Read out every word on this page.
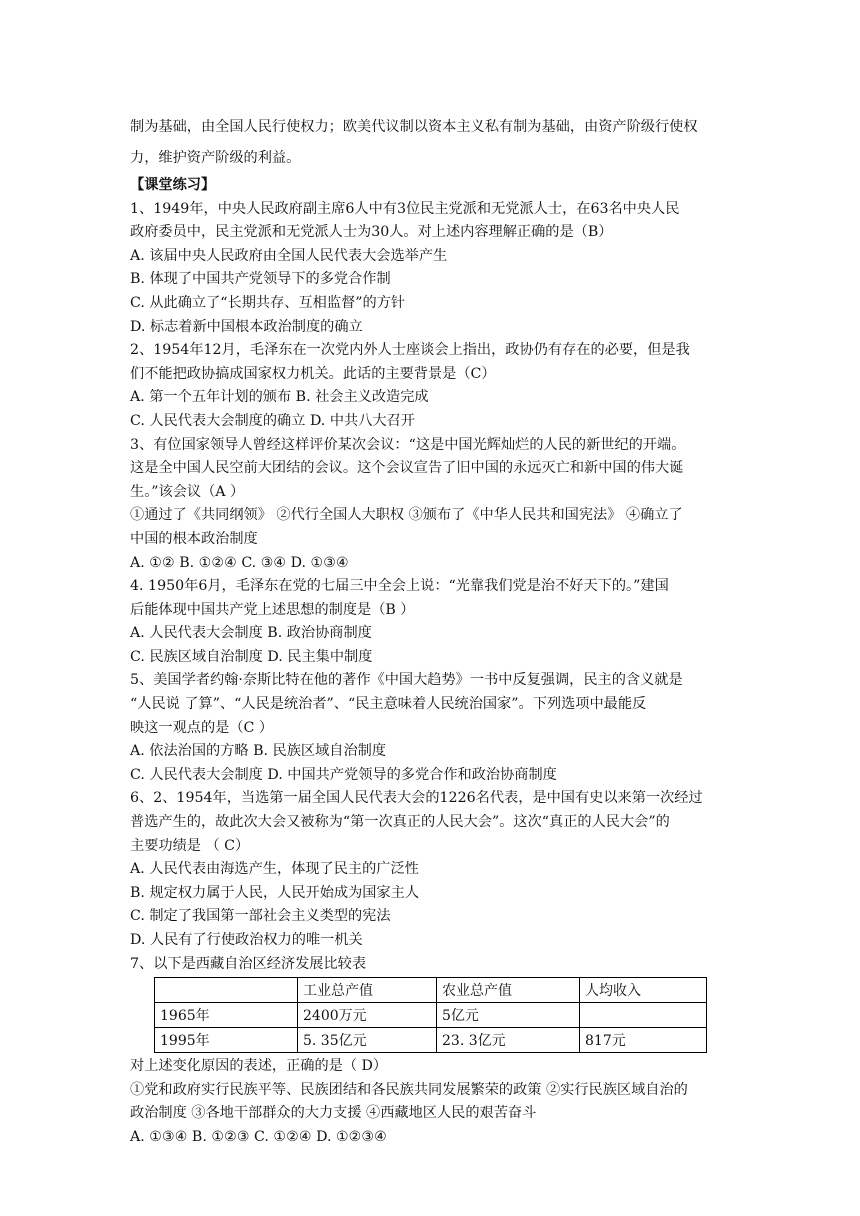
制为基础，由全国人民行使权力；欧美代议制以资本主义私有制为基础，由资产阶级行使权
力，维护资产阶级的利益。
【课堂练习】
1、1949年，中央人民政府副主席6人中有3位民主党派和无党派人士，在63名中央人民
政府委员中，民主党派和无党派人士为30人。对上述内容理解正确的是（B）
A. 该届中央人民政府由全国人民代表大会选举产生
B. 体现了中国共产党领导下的多党合作制
C. 从此确立了“长期共存、互相监督”的方针
D. 标志着新中国根本政治制度的确立
2、1954年12月，毛泽东在一次党内外人士座谈会上指出，政协仍有存在的必要，但是我
们不能把政协搞成国家权力机关。此话的主要背景是（C）
A. 第一个五年计划的颁布 B. 社会主义改造完成
C. 人民代表大会制度的确立 D. 中共八大召开
3、有位国家领导人曾经这样评价某次会议：“这是中国光辉灿烂的人民的新世纪的开端。
这是全中国人民空前大团结的会议。这个会议宣告了旧中国的永远灭亡和新中国的伟大诞
生。”该会议（A ）
①通过了《共同纲领》 ②代行全国人大职权 ③颁布了《中华人民共和国宪法》 ④确立了
中国的根本政治制度
A. ①② B. ①②④ C. ③④ D. ①③④
4. 1950年6月，毛泽东在党的七届三中全会上说：“光靠我们党是治不好天下的。”建国
后能体现中国共产党上述思想的制度是（B ）
A. 人民代表大会制度 B. 政治协商制度
C. 民族区域自治制度 D. 民主集中制度
5、美国学者约翰·奈斯比特在他的著作《中国大趋势》一书中反复强调，民主的含义就是
“人民说 了算”、“人民是统治者”、“民主意味着人民统治国家”。下列选项中最能反
映这一观点的是（C ）
A. 依法治国的方略 B. 民族区域自治制度
C. 人民代表大会制度 D. 中国共产党领导的多党合作和政治协商制度
6、2、1954年，当选第一届全国人民代表大会的1226名代表，是中国有史以来第一次经过
普选产生的，故此次大会又被称为“第一次真正的人民大会”。这次“真正的人民大会”的
主要功绩是 （ C）
A. 人民代表由海选产生，体现了民主的广泛性
B. 规定权力属于人民，人民开始成为国家主人
C. 制定了我国第一部社会主义类型的宪法
D. 人民有了行使政治权力的唯一机关
7、以下是西藏自治区经济发展比较表
	工业总产值	农业总产值	人均收入
1965年	2400万元	5亿元	
1995年	5. 35亿元	23. 3亿元	817元
对上述变化原因的表述，正确的是（ D）
①党和政府实行民族平等、民族团结和各民族共同发展繁荣的政策 ②实行民族区域自治的
政治制度 ③各地干部群众的大力支援 ④西藏地区人民的艰苦奋斗
A. ①③④ B. ①②③ C. ①②④ D. ①②③④
